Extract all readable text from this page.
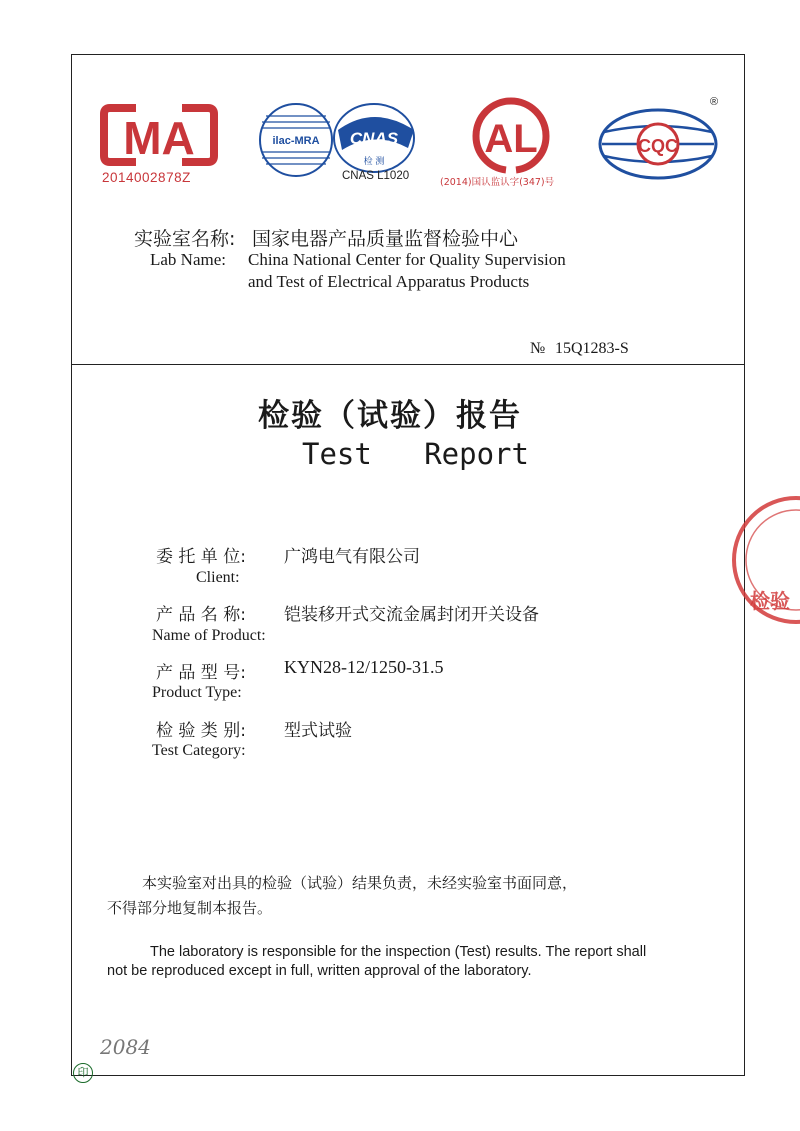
MA
2014002878Z
ilac-MRA CNAS
检 测
CNAS L1020
AL
(2014)国认监认字(347)号
CQC
®
实验室名称: 国家电器产品质量监督检验中心
Lab Name: China National Center for Quality Supervision
and Test of Electrical Apparatus Products
№ 15Q1283-S
检验（试验）报告
Test   Report
委 托 单 位: 广鸿电气有限公司
Client:
产 品 名 称: 铠装移开式交流金属封闭开关设备
Name of Product:
产 品 型 号: KYN28-12/1250-31.5
Product Type:
检 验 类 别: 型式试验
Test Category:
本实验室对出具的检验（试验）结果负责，未经实验室书面同意，
不得部分地复制本报告。
The laboratory is responsible for the inspection (Test) results. The report shall
not be reproduced except in full, written approval of the laboratory.
检验
2084
印
